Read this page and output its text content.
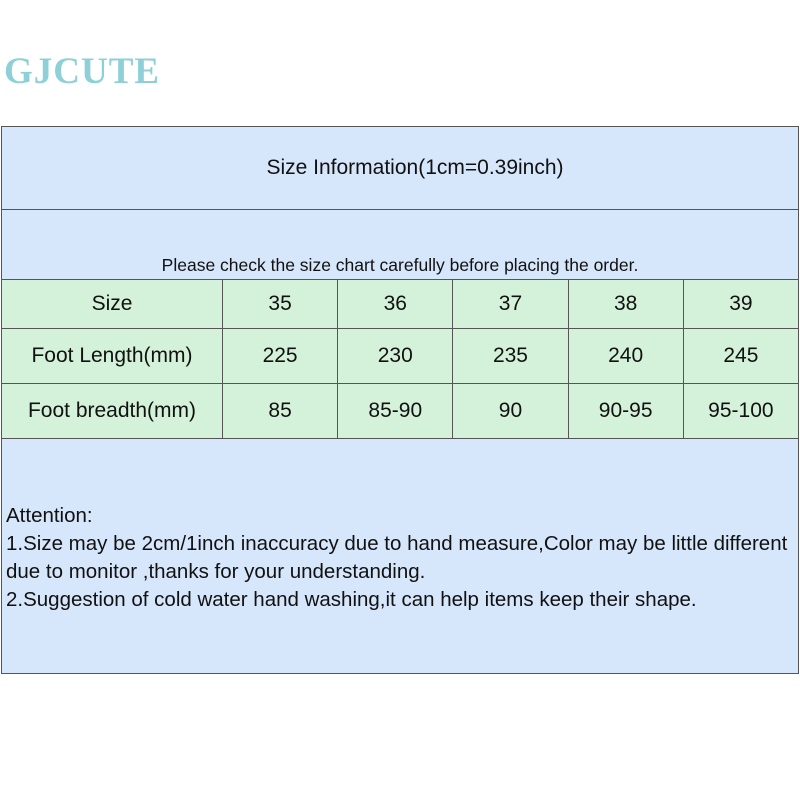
GJCUTE
Size Information(1cm=0.39inch)
Please check the size chart carefully before placing the order.
Size	35	36	37	38	39
Foot Length(mm)	225	230	235	240	245
Foot breadth(mm)	85	85-90	90	90-95	95-100
Attention:
1.Size may be 2cm/1inch inaccuracy due to hand measure,Color may be little different due to monitor ,thanks for your understanding.
2.Suggestion of cold water hand washing,it can help items keep their shape.
